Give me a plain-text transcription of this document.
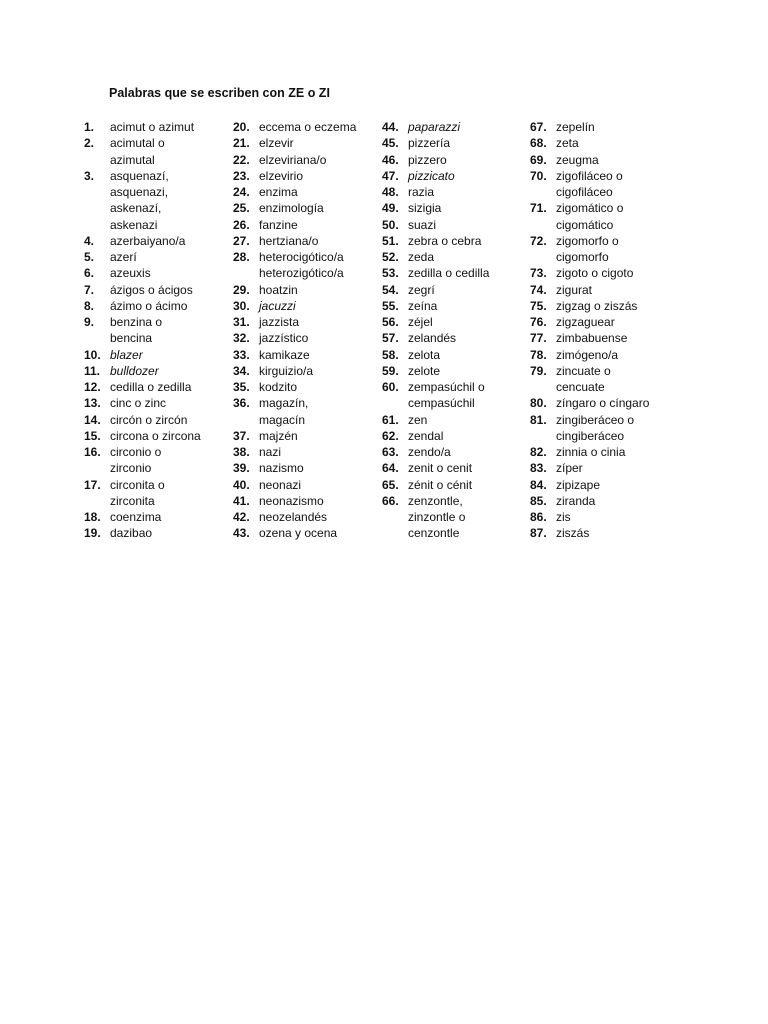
Palabras que se escriben con ZE o ZI
1.	acimut o azimut
2.	acimutal o
azimutal
3.	asquenazí,
asquenazi,
askenazí,
askenazi
4.	azerbaiyano/a
5.	azerí
6.	azeuxis
7.	ázigos o ácigos
8.	ázimo o ácimo
9.	benzina o
bencina
10. blazer
11. bulldozer
12. cedilla o zedilla
13. cinc o zinc
14. circón o zircón
15. circona o zircona
16. circonio o
zirconio
17. circonita o
zirconita
18. coenzima
19. dazibao
20. eccema o eczema
21. elzevir
22. elzeviriana/o
23. elzevirio
24. enzima
25. enzimología
26. fanzine
27. hertziana/o
28. heterocigótico/a
heterozigótico/a
29. hoatzin
30. jacuzzi
31. jazzista
32. jazzístico
33. kamikaze
34. kirguizio/a
35. kodzito
36. magazín,
magacín
37. majzén
38. nazi
39. nazismo
40. neonazi
41. neonazismo
42. neozelandés
43. ozena y ocena
44. paparazzi
45. pizzería
46. pizzero
47. pizzicato
48. razia
49. sizigia
50. suazi
51. zebra o cebra
52. zeda
53. zedilla o cedilla
54. zegrí
55. zeína
56. zéjel
57. zelandés
58. zelota
59. zelote
60. zempasúchil o
cempasúchil
61. zen
62. zendal
63. zendo/a
64. zenit o cenit
65. zénit o cénit
66. zenzontle,
zinzontle o
cenzontle
67. zepelín
68. zeta
69. zeugma
70. zigofiláceo o
cigofiláceo
71. zigomático o
cigomático
72. zigomorfo o
cigomorfo
73. zigoto o cigoto
74. zigurat
75. zigzag o ziszás
76. zigzaguear
77. zimbabuense
78. zimógeno/a
79. zincuate o
cencuate
80. zíngaro o cíngaro
81. zingiberáceo o
cingiberáceo
82. zinnia o cinia
83. zíper
84. zipizape
85. ziranda
86. zis
87. ziszás
